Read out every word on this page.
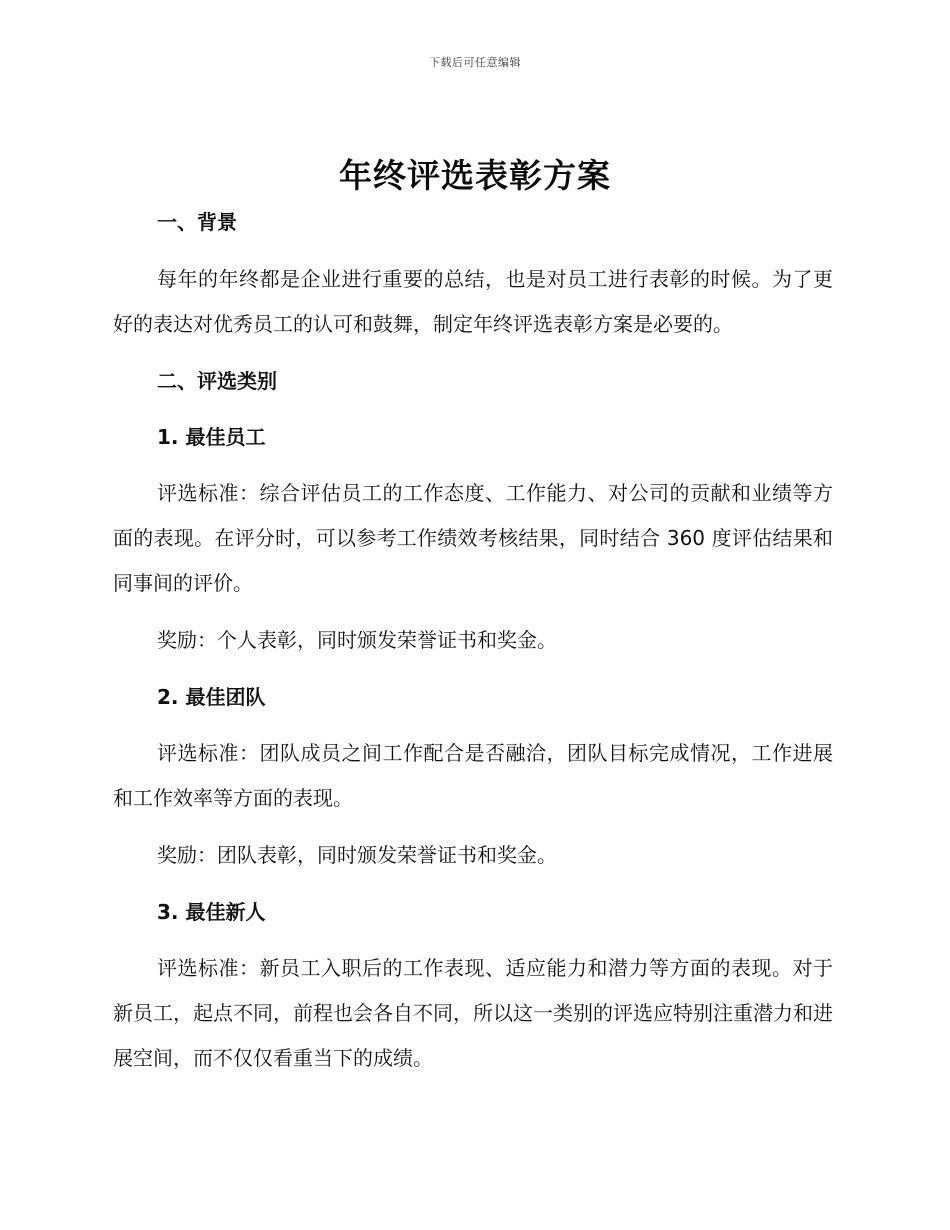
下载后可任意编辑
年终评选表彰方案

一、背景

每年的年终都是企业进行重要的总结，也是对员工进行表彰的时候。为了更好的表达对优秀员工的认可和鼓舞，制定年终评选表彰方案是必要的。

二、评选类别

1. 最佳员工

评选标准：综合评估员工的工作态度、工作能力、对公司的贡献和业绩等方面的表现。在评分时，可以参考工作绩效考核结果，同时结合 360 度评估结果和同事间的评价。

奖励：个人表彰，同时颁发荣誉证书和奖金。

2. 最佳团队

评选标准：团队成员之间工作配合是否融洽，团队目标完成情况，工作进展和工作效率等方面的表现。

奖励：团队表彰，同时颁发荣誉证书和奖金。

3. 最佳新人

评选标准：新员工入职后的工作表现、适应能力和潜力等方面的表现。对于新员工，起点不同，前程也会各自不同，所以这一类别的评选应特别注重潜力和进展空间，而不仅仅看重当下的成绩。
